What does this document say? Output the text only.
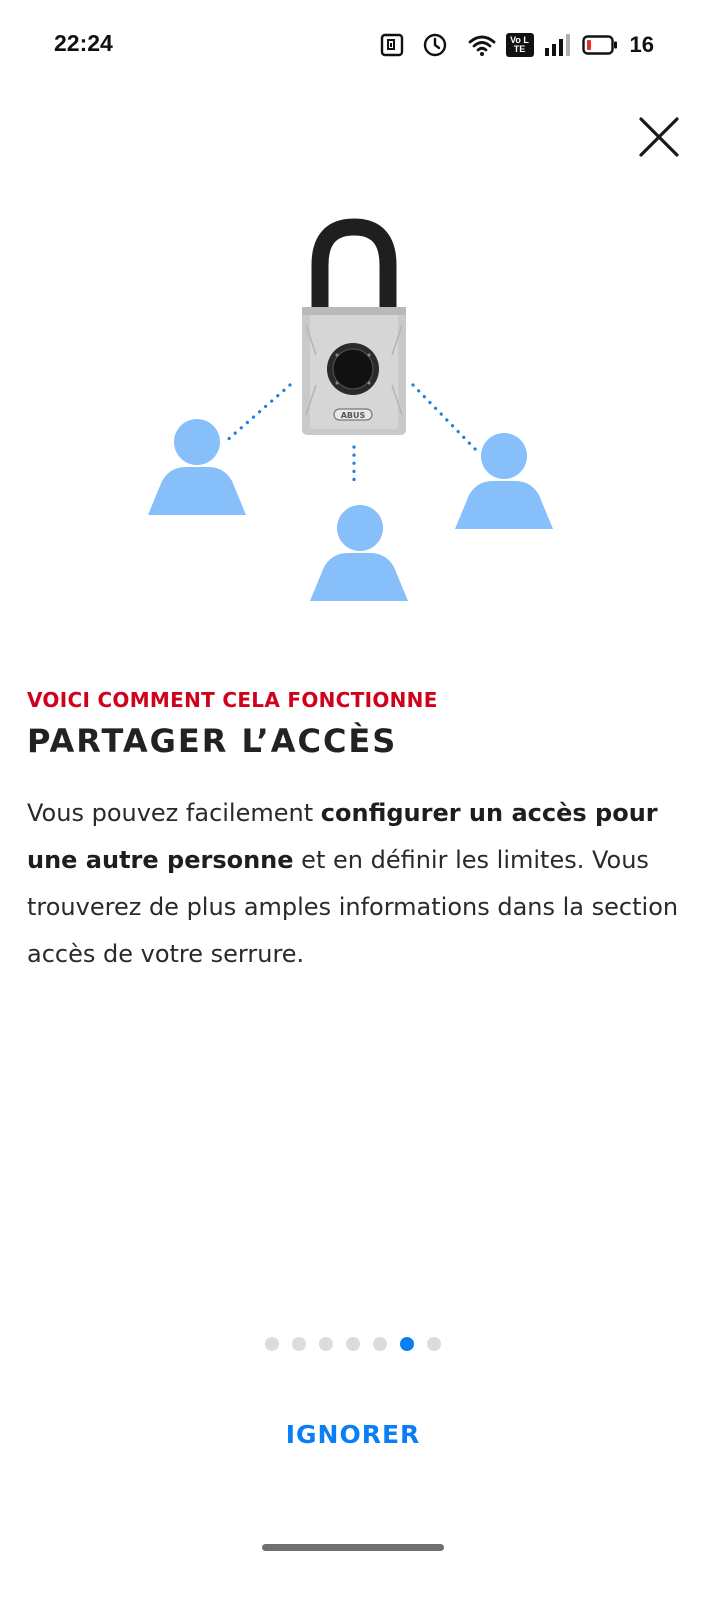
22:24	Vo LTE	16
ABUS
VOICI COMMENT CELA FONCTIONNE
PARTAGER L’ACCÈS

Vous pouvez facilement configurer un accès pour une autre personne et en définir les limites. Vous trouverez de plus amples informations dans la section accès de votre serrure.

IGNORER
